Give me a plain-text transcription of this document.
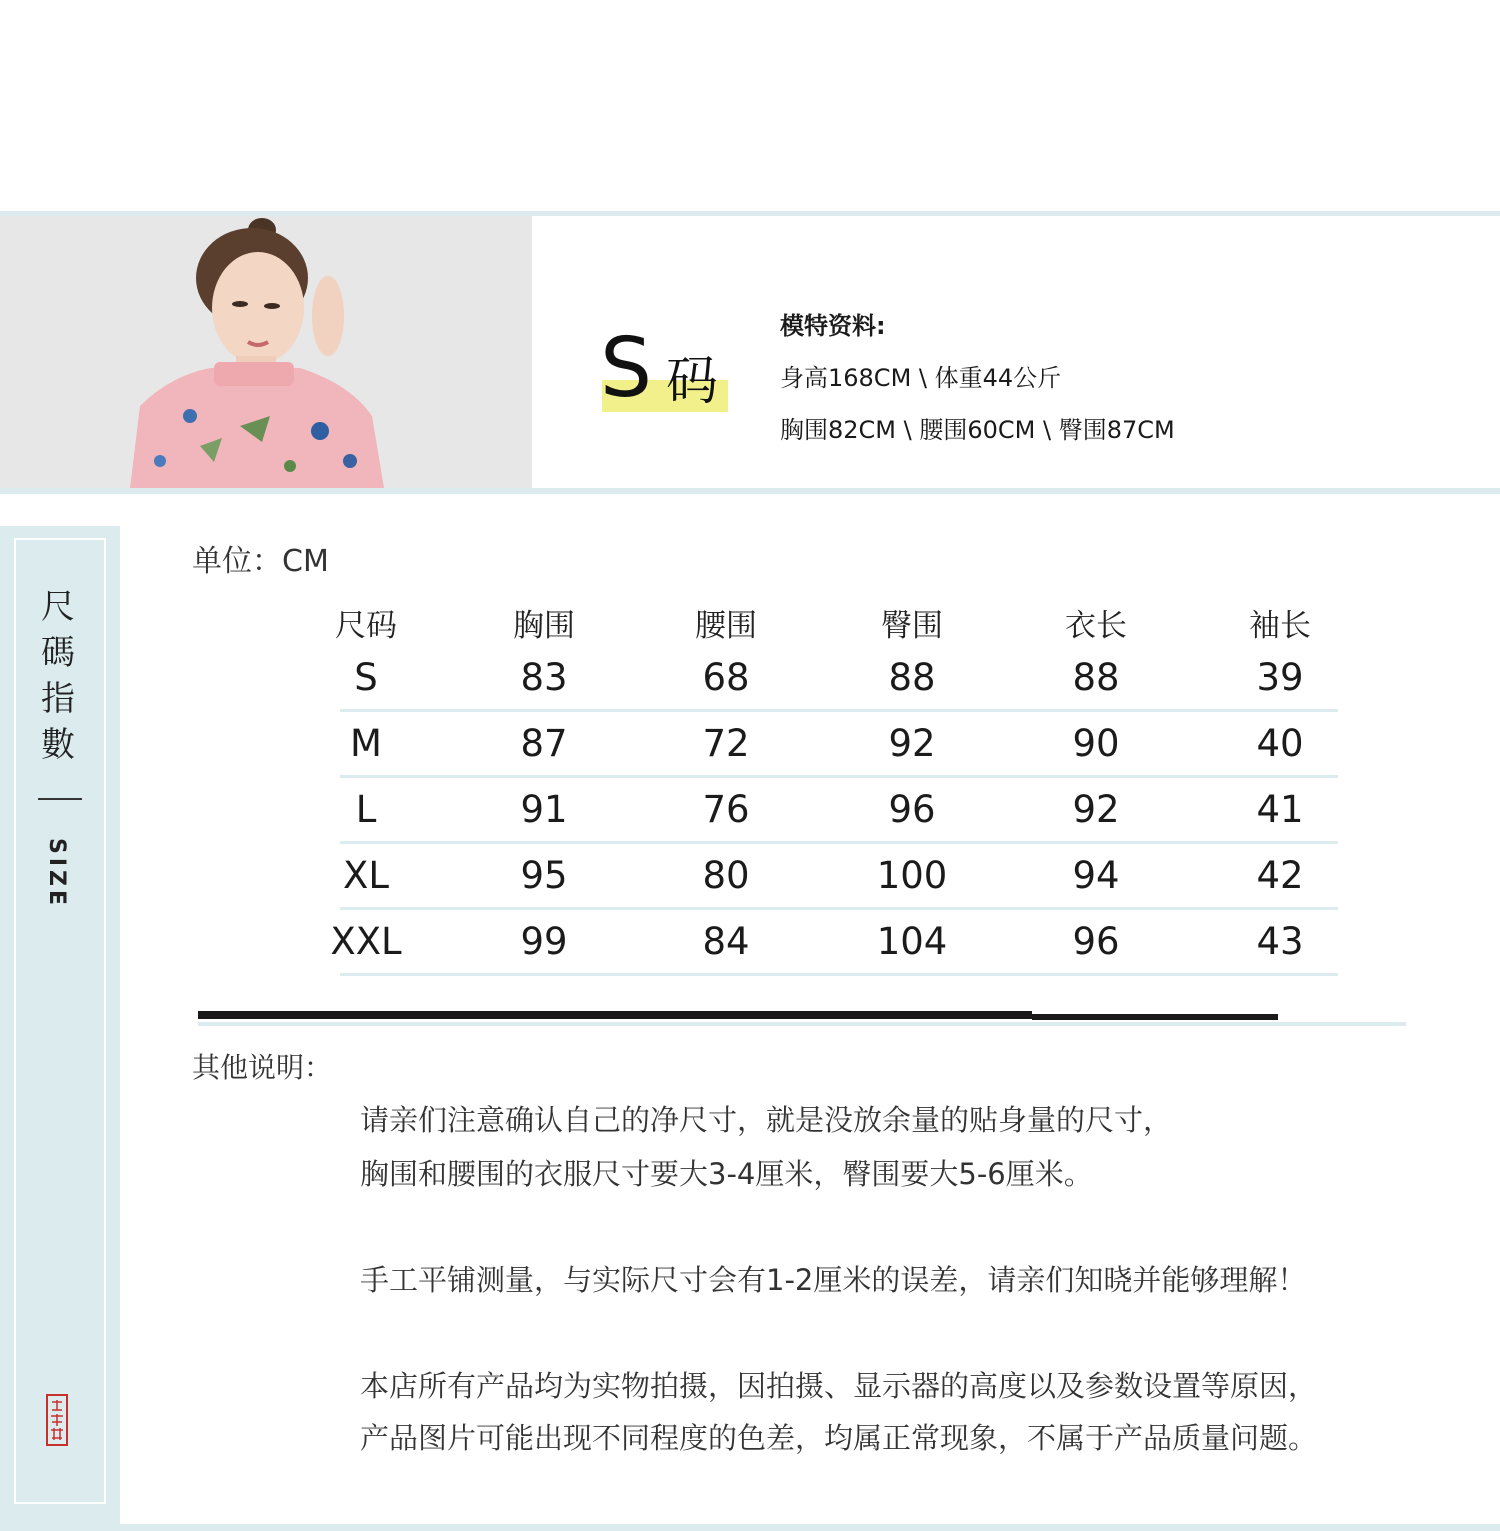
S 码
模特资料:
身高168CM \ 体重44公斤
胸围82CM \ 腰围60CM \ 臀围87CM
尺碼指數
SIZE
单位：CM
尺码	胸围	腰围	臀围	衣长	袖长
S	83	68	88	88	39
M	87	72	92	90	40
L	91	76	96	92	41
XL	95	80	100	94	42
XXL	99	84	104	96	43
其他说明：
请亲们注意确认自己的净尺寸，就是没放余量的贴身量的尺寸，
胸围和腰围的衣服尺寸要大3-4厘米，臀围要大5-6厘米。
手工平铺测量，与实际尺寸会有1-2厘米的误差，请亲们知晓并能够理解！
本店所有产品均为实物拍摄，因拍摄、显示器的高度以及参数设置等原因，
产品图片可能出现不同程度的色差，均属正常现象，不属于产品质量问题。
